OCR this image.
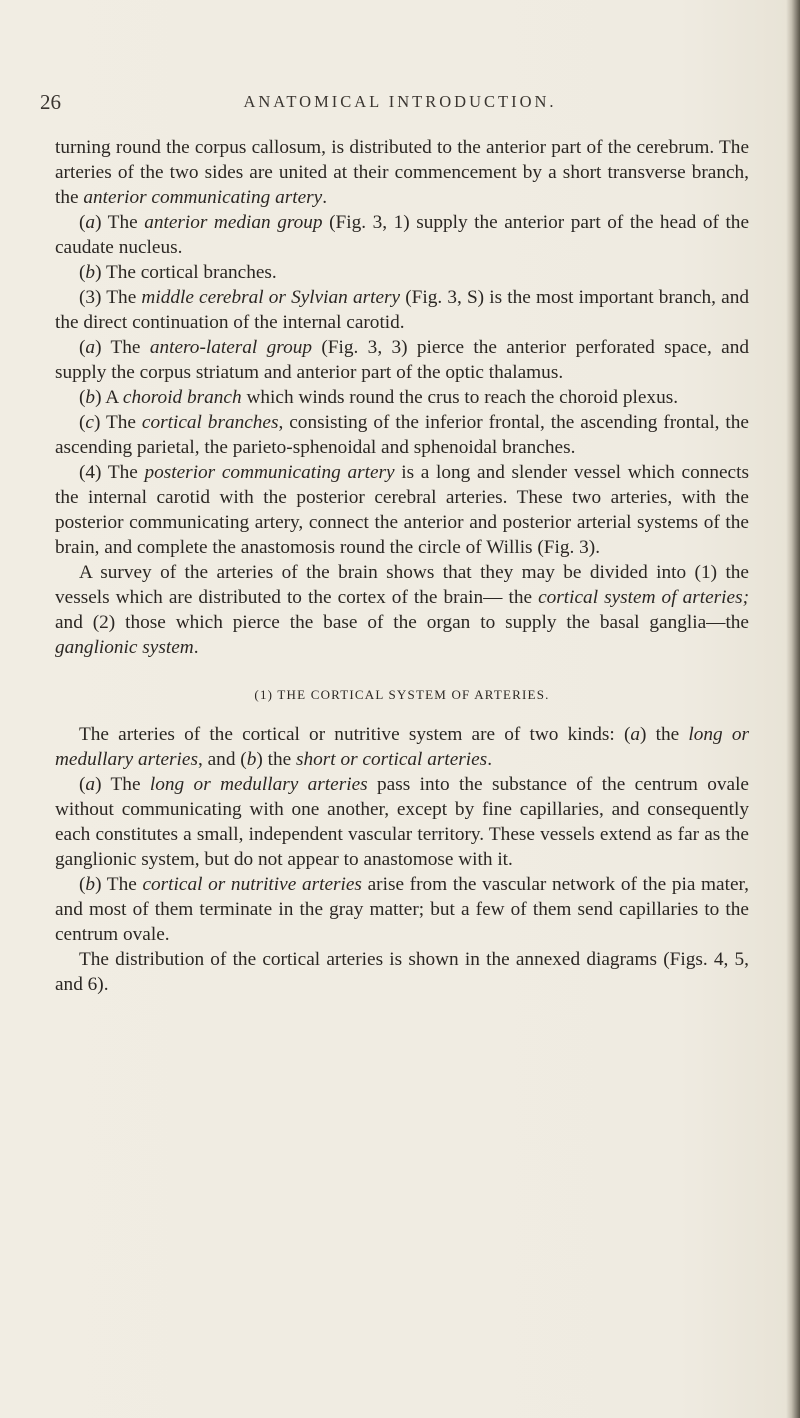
26	ANATOMICAL INTRODUCTION.

turning round the corpus callosum, is distributed to the anterior part of the cerebrum. The arteries of the two sides are united at their commencement by a short transverse branch, the anterior communicating artery.

(a) The anterior median group (Fig. 3, 1) supply the anterior part of the head of the caudate nucleus.

(b) The cortical branches.

(3) The middle cerebral or Sylvian artery (Fig. 3, S) is the most important branch, and the direct continuation of the internal carotid.

(a) The antero-lateral group (Fig. 3, 3) pierce the anterior perforated space, and supply the corpus striatum and anterior part of the optic thalamus.

(b) A choroid branch which winds round the crus to reach the choroid plexus.

(c) The cortical branches, consisting of the inferior frontal, the ascending frontal, the ascending parietal, the parieto-sphenoidal and sphenoidal branches.

(4) The posterior communicating artery is a long and slender vessel which connects the internal carotid with the posterior cerebral arteries. These two arteries, with the posterior communicating artery, connect the anterior and posterior arterial systems of the brain, and complete the anastomosis round the circle of Willis (Fig. 3).

A survey of the arteries of the brain shows that they may be divided into (1) the vessels which are distributed to the cortex of the brain— the cortical system of arteries; and (2) those which pierce the base of the organ to supply the basal ganglia—the ganglionic system.

(1) THE CORTICAL SYSTEM OF ARTERIES.

The arteries of the cortical or nutritive system are of two kinds: (a) the long or medullary arteries, and (b) the short or cortical arteries.

(a) The long or medullary arteries pass into the substance of the centrum ovale without communicating with one another, except by fine capillaries, and consequently each constitutes a small, independent vascular territory. These vessels extend as far as the ganglionic system, but do not appear to anastomose with it.

(b) The cortical or nutritive arteries arise from the vascular network of the pia mater, and most of them terminate in the gray matter; but a few of them send capillaries to the centrum ovale.

The distribution of the cortical arteries is shown in the annexed diagrams (Figs. 4, 5, and 6).
